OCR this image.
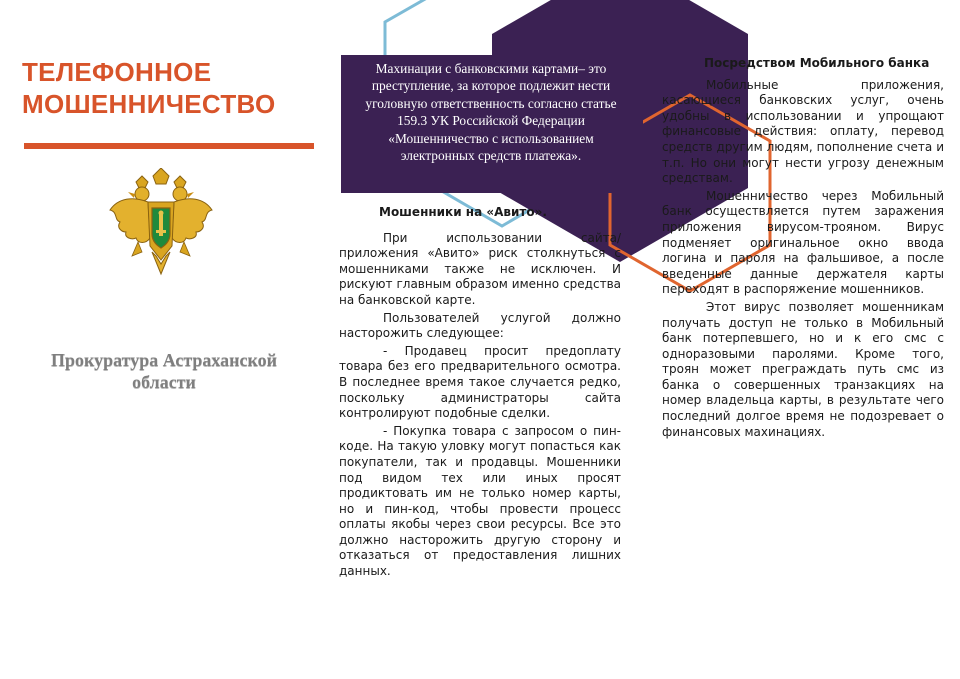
ТЕЛЕФОННОЕ
МОШЕННИЧЕСТВО
Прокуратура Астраханской
области
Махинации с банковскими картами– это преступление, за которое подлежит нести уголовную ответственность согласно статье 159.3 УК Российской Федерации «Мошенничество с использованием электронных средств платежа».

Мошенники на «Авито».

При использовании сайта/приложения «Авито» риск столкнуться с мошенниками также не исключен. И рискуют главным образом именно средства на банковской карте.

Пользователей услугой должно насторожить следующее:

- Продавец просит предоплату товара без его предварительного осмотра. В последнее время такое случается редко, поскольку администраторы сайта контролируют подобные сделки.

- Покупка товара с запросом о пин-коде. На такую уловку могут попасться как покупатели, так и продавцы. Мошенники под видом тех или иных просят продиктовать им не только номер карты, но и пин-код, чтобы провести процесс оплаты якобы через свои ресурсы. Все это должно насторожить другую сторону и отказаться от предоставления лишних данных.

Посредством Мобильного банка

Мобильные приложения, касающиеся банковских услуг, очень удобны в использовании и упрощают финансовые действия: оплату, перевод средств другим людям, пополнение счета и т.п. Но они могут нести угрозу денежным средствам.

Мошенничество через Мобильный банк осуществляется путем заражения приложения вирусом-трояном. Вирус подменяет оригинальное окно ввода логина и пароля на фальшивое, а после введенные данные держателя карты переходят в распоряжение мошенников.

Этот вирус позволяет мошенникам получать доступ не только в Мобильный банк потерпевшего, но и к его смс с одноразовыми паролями. Кроме того, троян может преграждать путь смс из банка о совершенных транзакциях на номер владельца карты, в результате чего последний долгое время не подозревает о финансовых махинациях.
